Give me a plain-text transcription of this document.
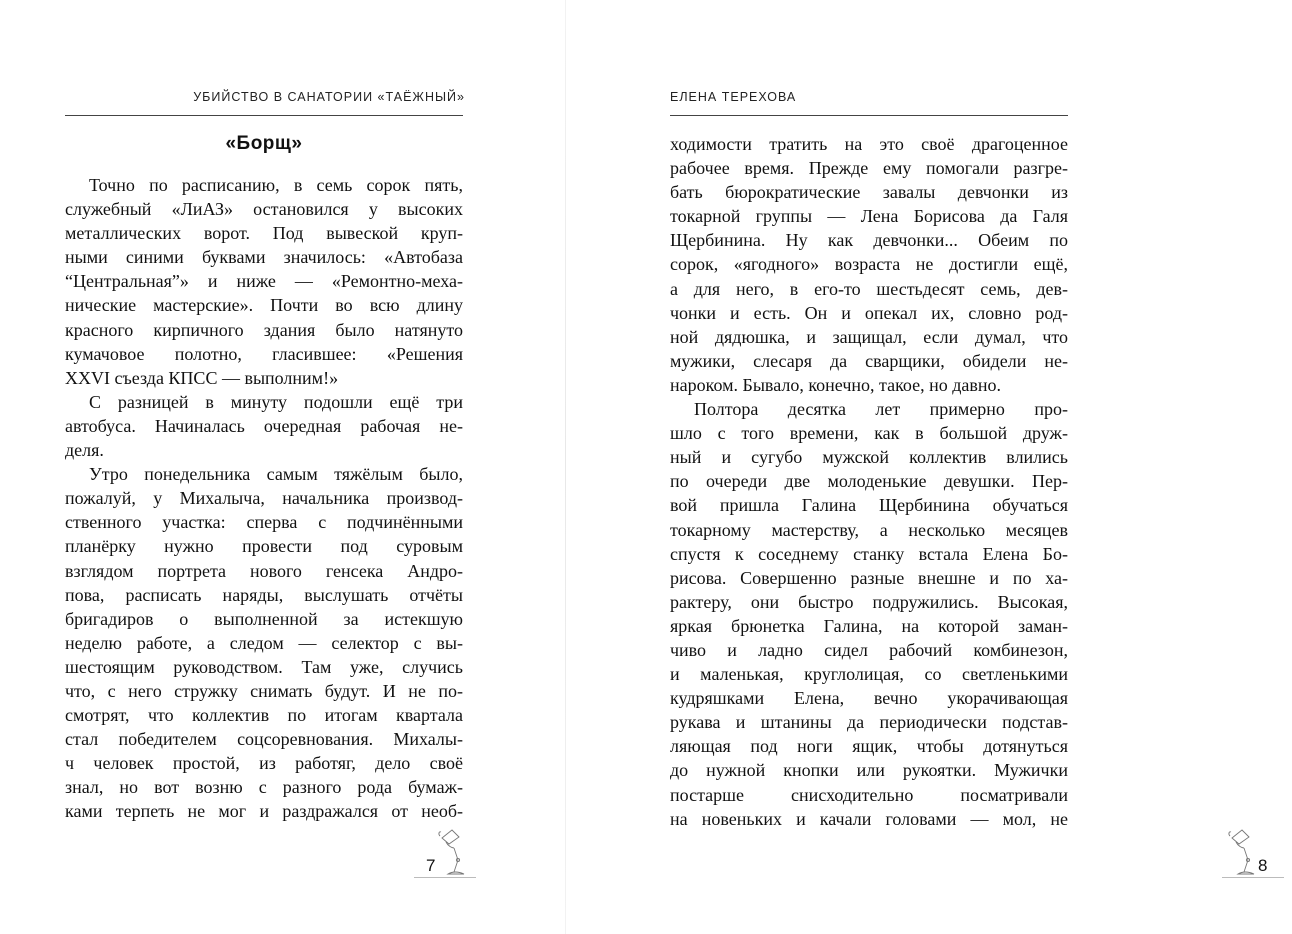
УБИЙСТВО В САНАТОРИИ «ТАЁЖНЫЙ»
«Борщ»
Точно по расписанию, в семь сорок пять,
служебный «ЛиАЗ» остановился у высоких
металлических ворот. Под вывеской круп-
ными синими буквами значилось: «Автобаза
“Центральная”» и ниже — «Ремонтно-меха-
нические мастерские». Почти во всю длину
красного кирпичного здания было натянуто
кумачовое полотно, гласившее: «Решения
XXVI съезда КПСС — выполним!»
С разницей в минуту подошли ещё три
автобуса. Начиналась очередная рабочая не-
деля.
Утро понедельника самым тяжёлым было,
пожалуй, у Михалыча, начальника производ-
ственного участка: сперва с подчинёнными
планёрку нужно провести под суровым
взглядом портрета нового генсека Андро-
пова, расписать наряды, выслушать отчёты
бригадиров о выполненной за истекшую
неделю работе, а следом — селектор с вы-
шестоящим руководством. Там уже, случись
что, с него стружку снимать будут. И не по-
смотрят, что коллектив по итогам квартала
стал победителем соцсоревнования. Михалы-
ч человек простой, из работяг, дело своё
знал, но вот возню с разного рода бумаж-
ками терпеть не мог и раздражался от необ-
7
ЕЛЕНА ТЕРЕХОВА
ходимости тратить на это своё драгоценное
рабочее время. Прежде ему помогали разгре-
бать бюрократические завалы девчонки из
токарной группы — Лена Борисова да Галя
Щербинина. Ну как девчонки... Обеим по
сорок, «ягодного» возраста не достигли ещё,
а для него, в его-то шестьдесят семь, дев-
чонки и есть. Он и опекал их, словно род-
ной дядюшка, и защищал, если думал, что
мужики, слесаря да сварщики, обидели не-
нароком. Бывало, конечно, такое, но давно.
Полтора десятка лет примерно про-
шло с того времени, как в большой друж-
ный и сугубо мужской коллектив влились
по очереди две молоденькие девушки. Пер-
вой пришла Галина Щербинина обучаться
токарному мастерству, а несколько месяцев
спустя к соседнему станку встала Елена Бо-
рисова. Совершенно разные внешне и по ха-
рактеру, они быстро подружились. Высокая,
яркая брюнетка Галина, на которой заман-
чиво и ладно сидел рабочий комбинезон,
и маленькая, круглолицая, со светленькими
кудряшками Елена, вечно укорачивающая
рукава и штанины да периодически подстав-
ляющая под ноги ящик, чтобы дотянуться
до нужной кнопки или рукоятки. Мужички
постарше снисходительно посматривали
на новеньких и качали головами — мол, не
8
